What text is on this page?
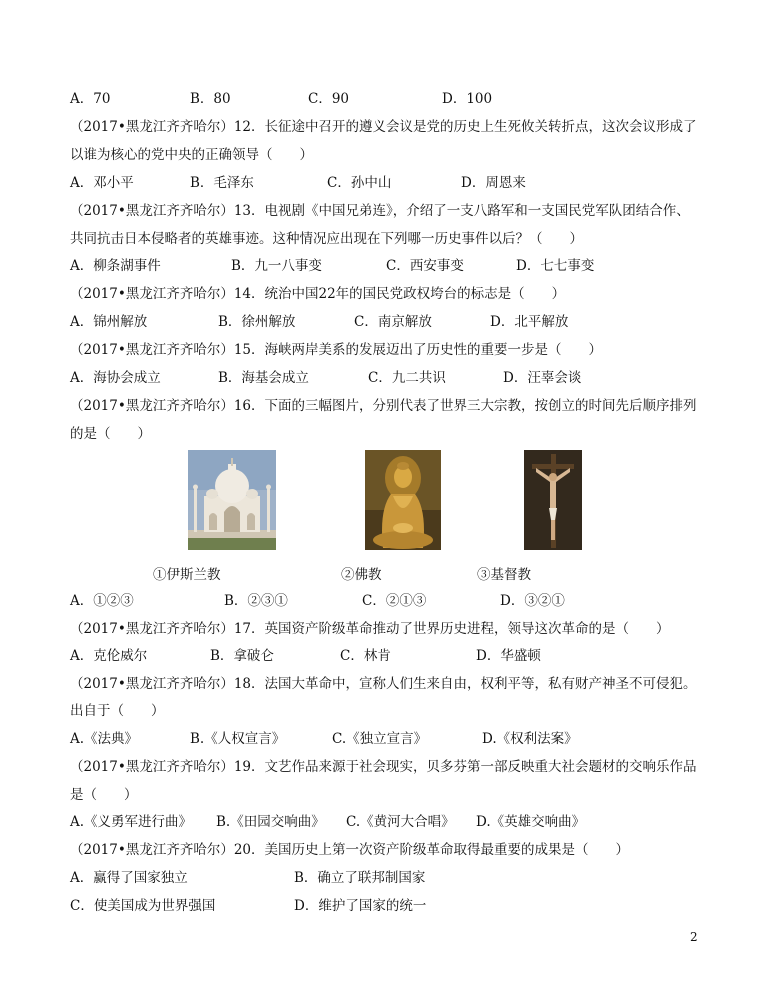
A．70	B．80	C．90	D．100
（2017•黑龙江齐齐哈尔）12．长征途中召开的遵义会议是党的历史上生死攸关转折点，这次会议形成了
以谁为核心的党中央的正确领导（　　）
A．邓小平	B．毛泽东	C．孙中山	D．周恩来
（2017•黑龙江齐齐哈尔）13．电视剧《中国兄弟连》，介绍了一支八路军和一支国民党军队团结合作、
共同抗击日本侵略者的英雄事迹。这种情况应出现在下列哪一历史事件以后？（　　）
A．柳条湖事件	B．九一八事变	C．西安事变	D．七七事变
（2017•黑龙江齐齐哈尔）14．统治中国22年的国民党政权垮台的标志是（　　）
A．锦州解放	B．徐州解放	C．南京解放	D．北平解放
（2017•黑龙江齐齐哈尔）15．海峡两岸美系的发展迈出了历史性的重要一步是（　　）
A．海协会成立	B．海基会成立	C．九二共识	D．汪辜会谈
（2017•黑龙江齐齐哈尔）16．下面的三幅图片，分别代表了世界三大宗教，按创立的时间先后顺序排列
的是（　　）
①伊斯兰教	②佛教	③基督教
A．①②③	B．②③①	C．②①③	D．③②①
（2017•黑龙江齐齐哈尔）17．英国资产阶级革命推动了世界历史进程，领导这次革命的是（　　）
A．克伦威尔	B．拿破仑	C．林肯	D．华盛顿
（2017•黑龙江齐齐哈尔）18．法国大革命中，宣称人们生来自由，权利平等，私有财产神圣不可侵犯。
出自于（　　）
A.《法典》	B.《人权宣言》	C.《独立宣言》	D.《权利法案》
（2017•黑龙江齐齐哈尔）19．文艺作品来源于社会现实，贝多芬第一部反映重大社会题材的交响乐作品
是（　　）
A.《义勇军进行曲》 B.《田园交响曲》 C.《黄河大合唱》 D.《英雄交响曲》
（2017•黑龙江齐齐哈尔）20．美国历史上第一次资产阶级革命取得最重要的成果是（　　）
A．赢得了国家独立	B．确立了联邦制国家
C．使美国成为世界强国	D．维护了国家的统一
2
